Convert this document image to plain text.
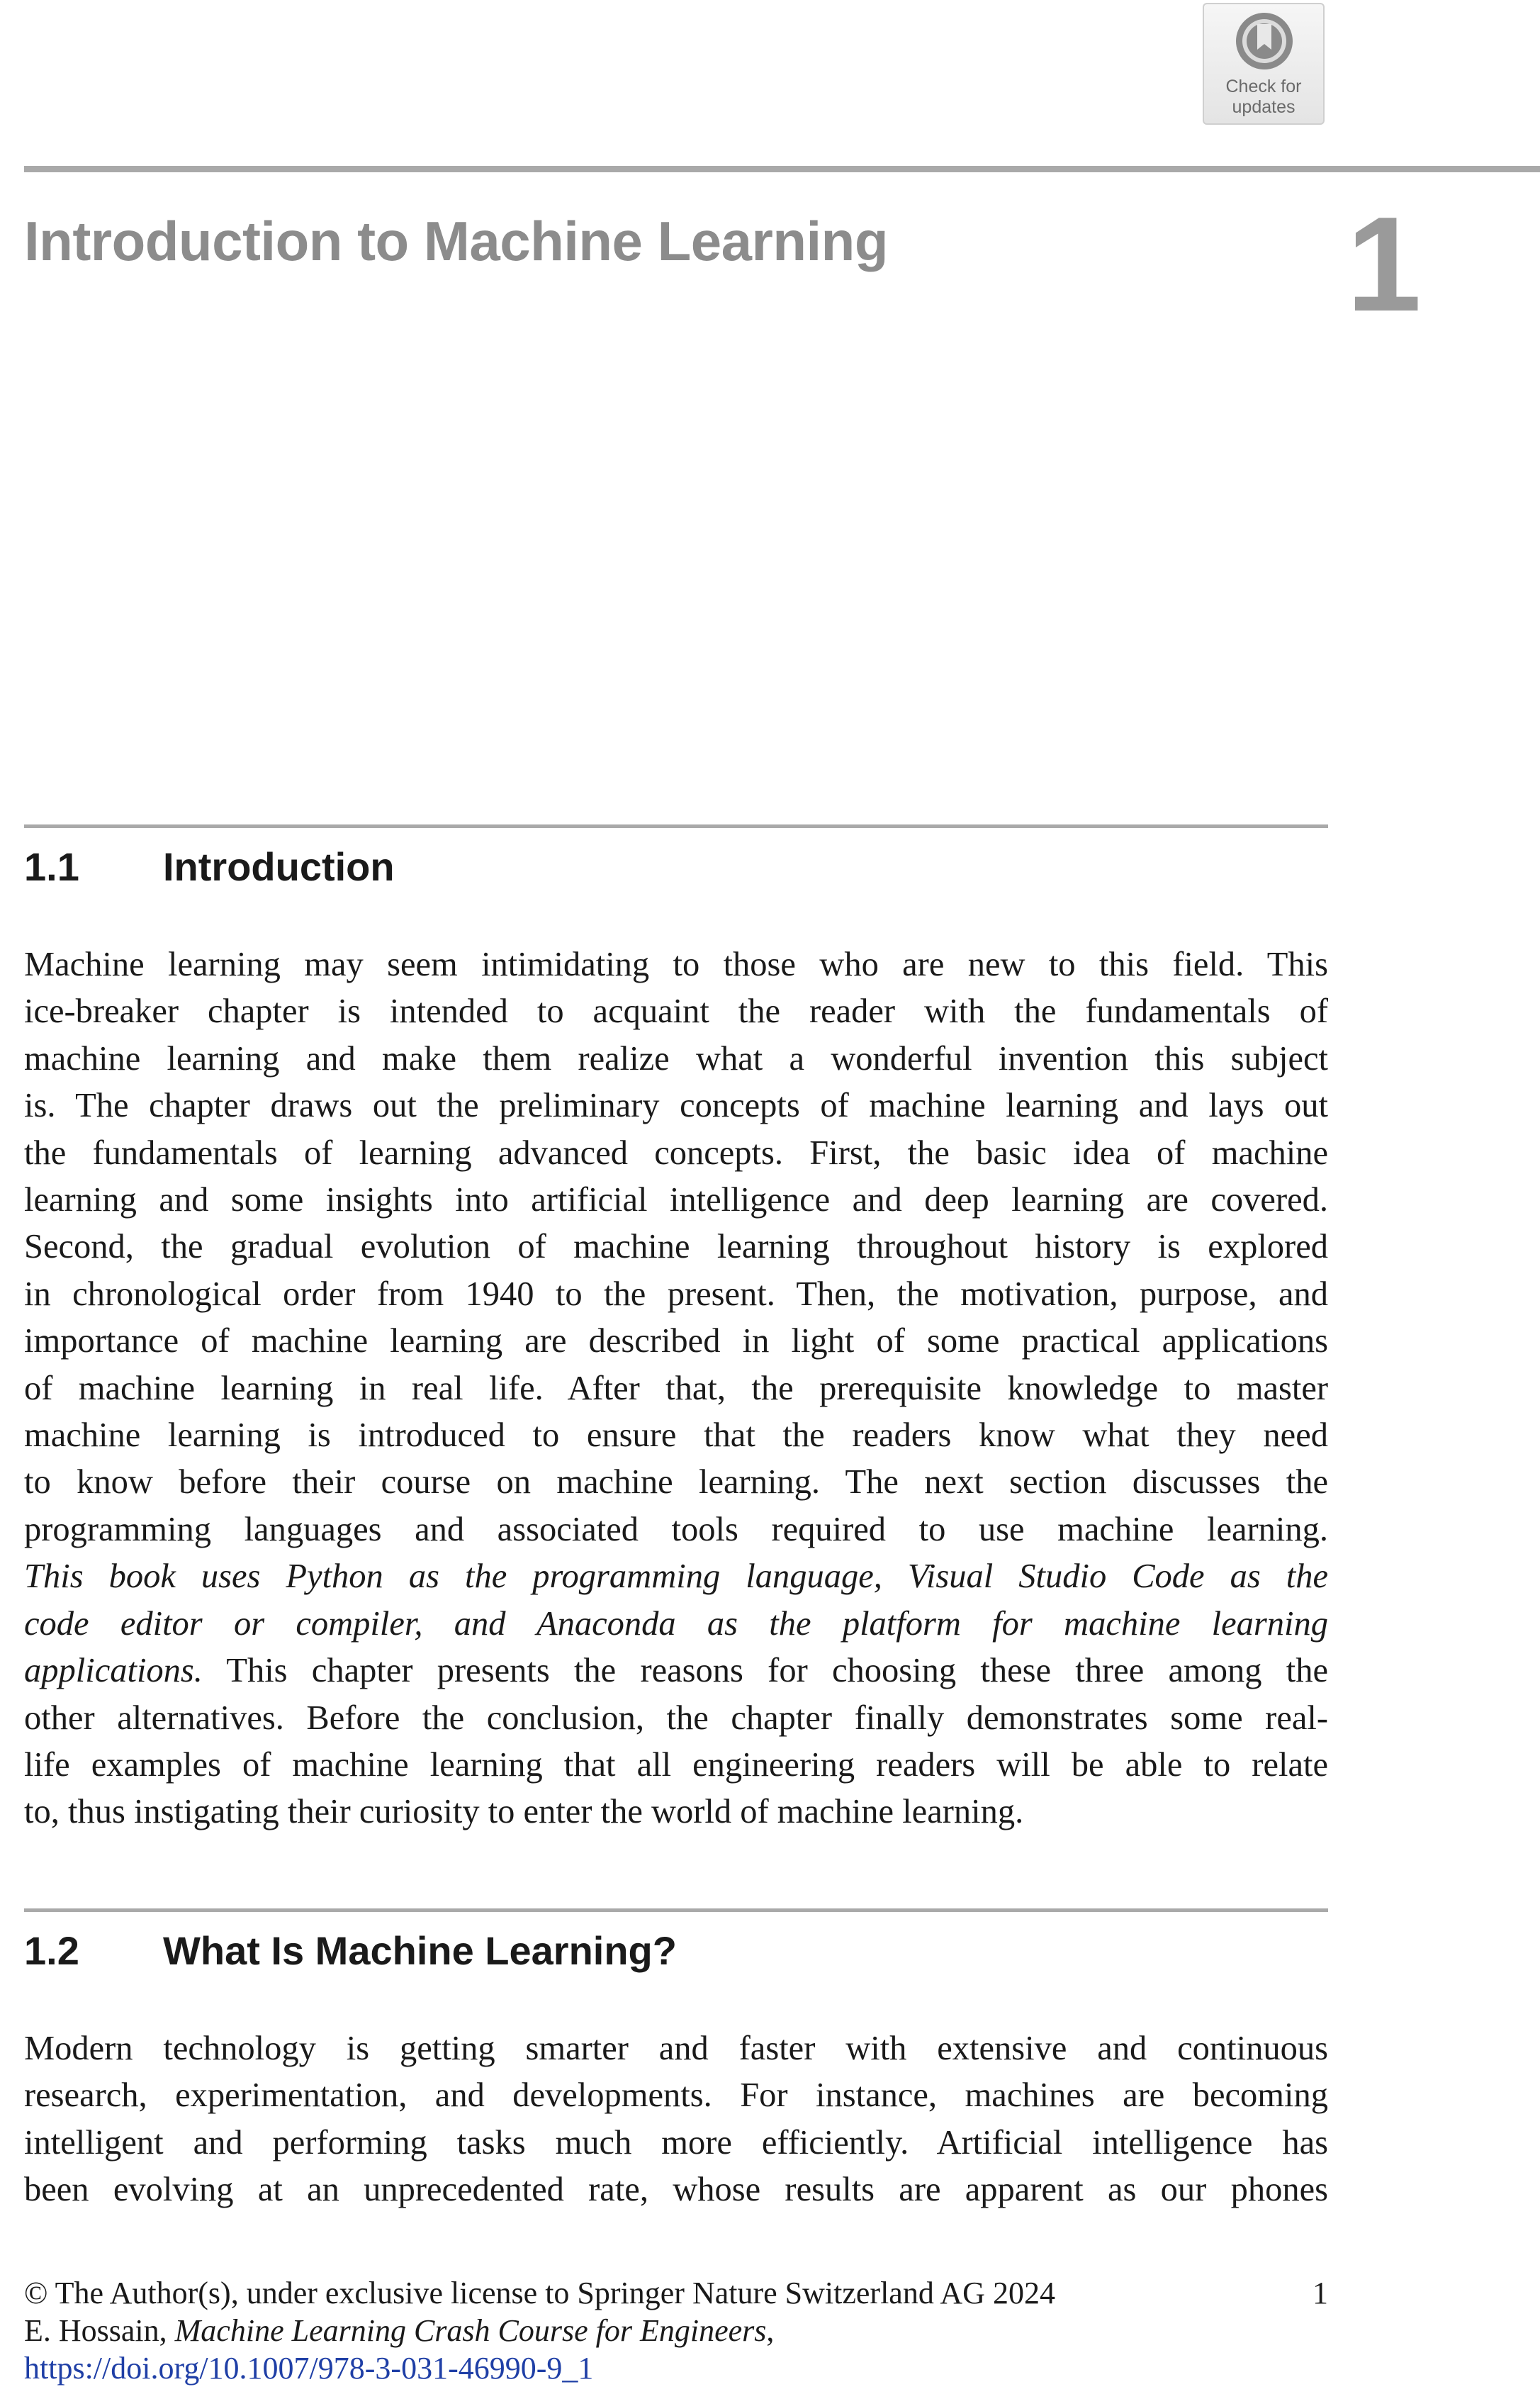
Check for
updates
Introduction to Machine Learning	1
1.1 Introduction
Machine learning may seem intimidating to those who are new to this field. This
ice-breaker chapter is intended to acquaint the reader with the fundamentals of
machine learning and make them realize what a wonderful invention this subject
is. The chapter draws out the preliminary concepts of machine learning and lays out
the fundamentals of learning advanced concepts. First, the basic idea of machine
learning and some insights into artificial intelligence and deep learning are covered.
Second, the gradual evolution of machine learning throughout history is explored
in chronological order from 1940 to the present. Then, the motivation, purpose, and
importance of machine learning are described in light of some practical applications
of machine learning in real life. After that, the prerequisite knowledge to master
machine learning is introduced to ensure that the readers know what they need
to know before their course on machine learning. The next section discusses the
programming languages and associated tools required to use machine learning.
This book uses Python as the programming language, Visual Studio Code as the
code editor or compiler, and Anaconda as the platform for machine learning
applications. This chapter presents the reasons for choosing these three among the
other alternatives. Before the conclusion, the chapter finally demonstrates some real-
life examples of machine learning that all engineering readers will be able to relate
to, thus instigating their curiosity to enter the world of machine learning.
1.2 What Is Machine Learning?
Modern technology is getting smarter and faster with extensive and continuous
research, experimentation, and developments. For instance, machines are becoming
intelligent and performing tasks much more efficiently. Artificial intelligence has
been evolving at an unprecedented rate, whose results are apparent as our phones
© The Author(s), under exclusive license to Springer Nature Switzerland AG 2024	1
E. Hossain, Machine Learning Crash Course for Engineers,
https://doi.org/10.1007/978-3-031-46990-9_1
